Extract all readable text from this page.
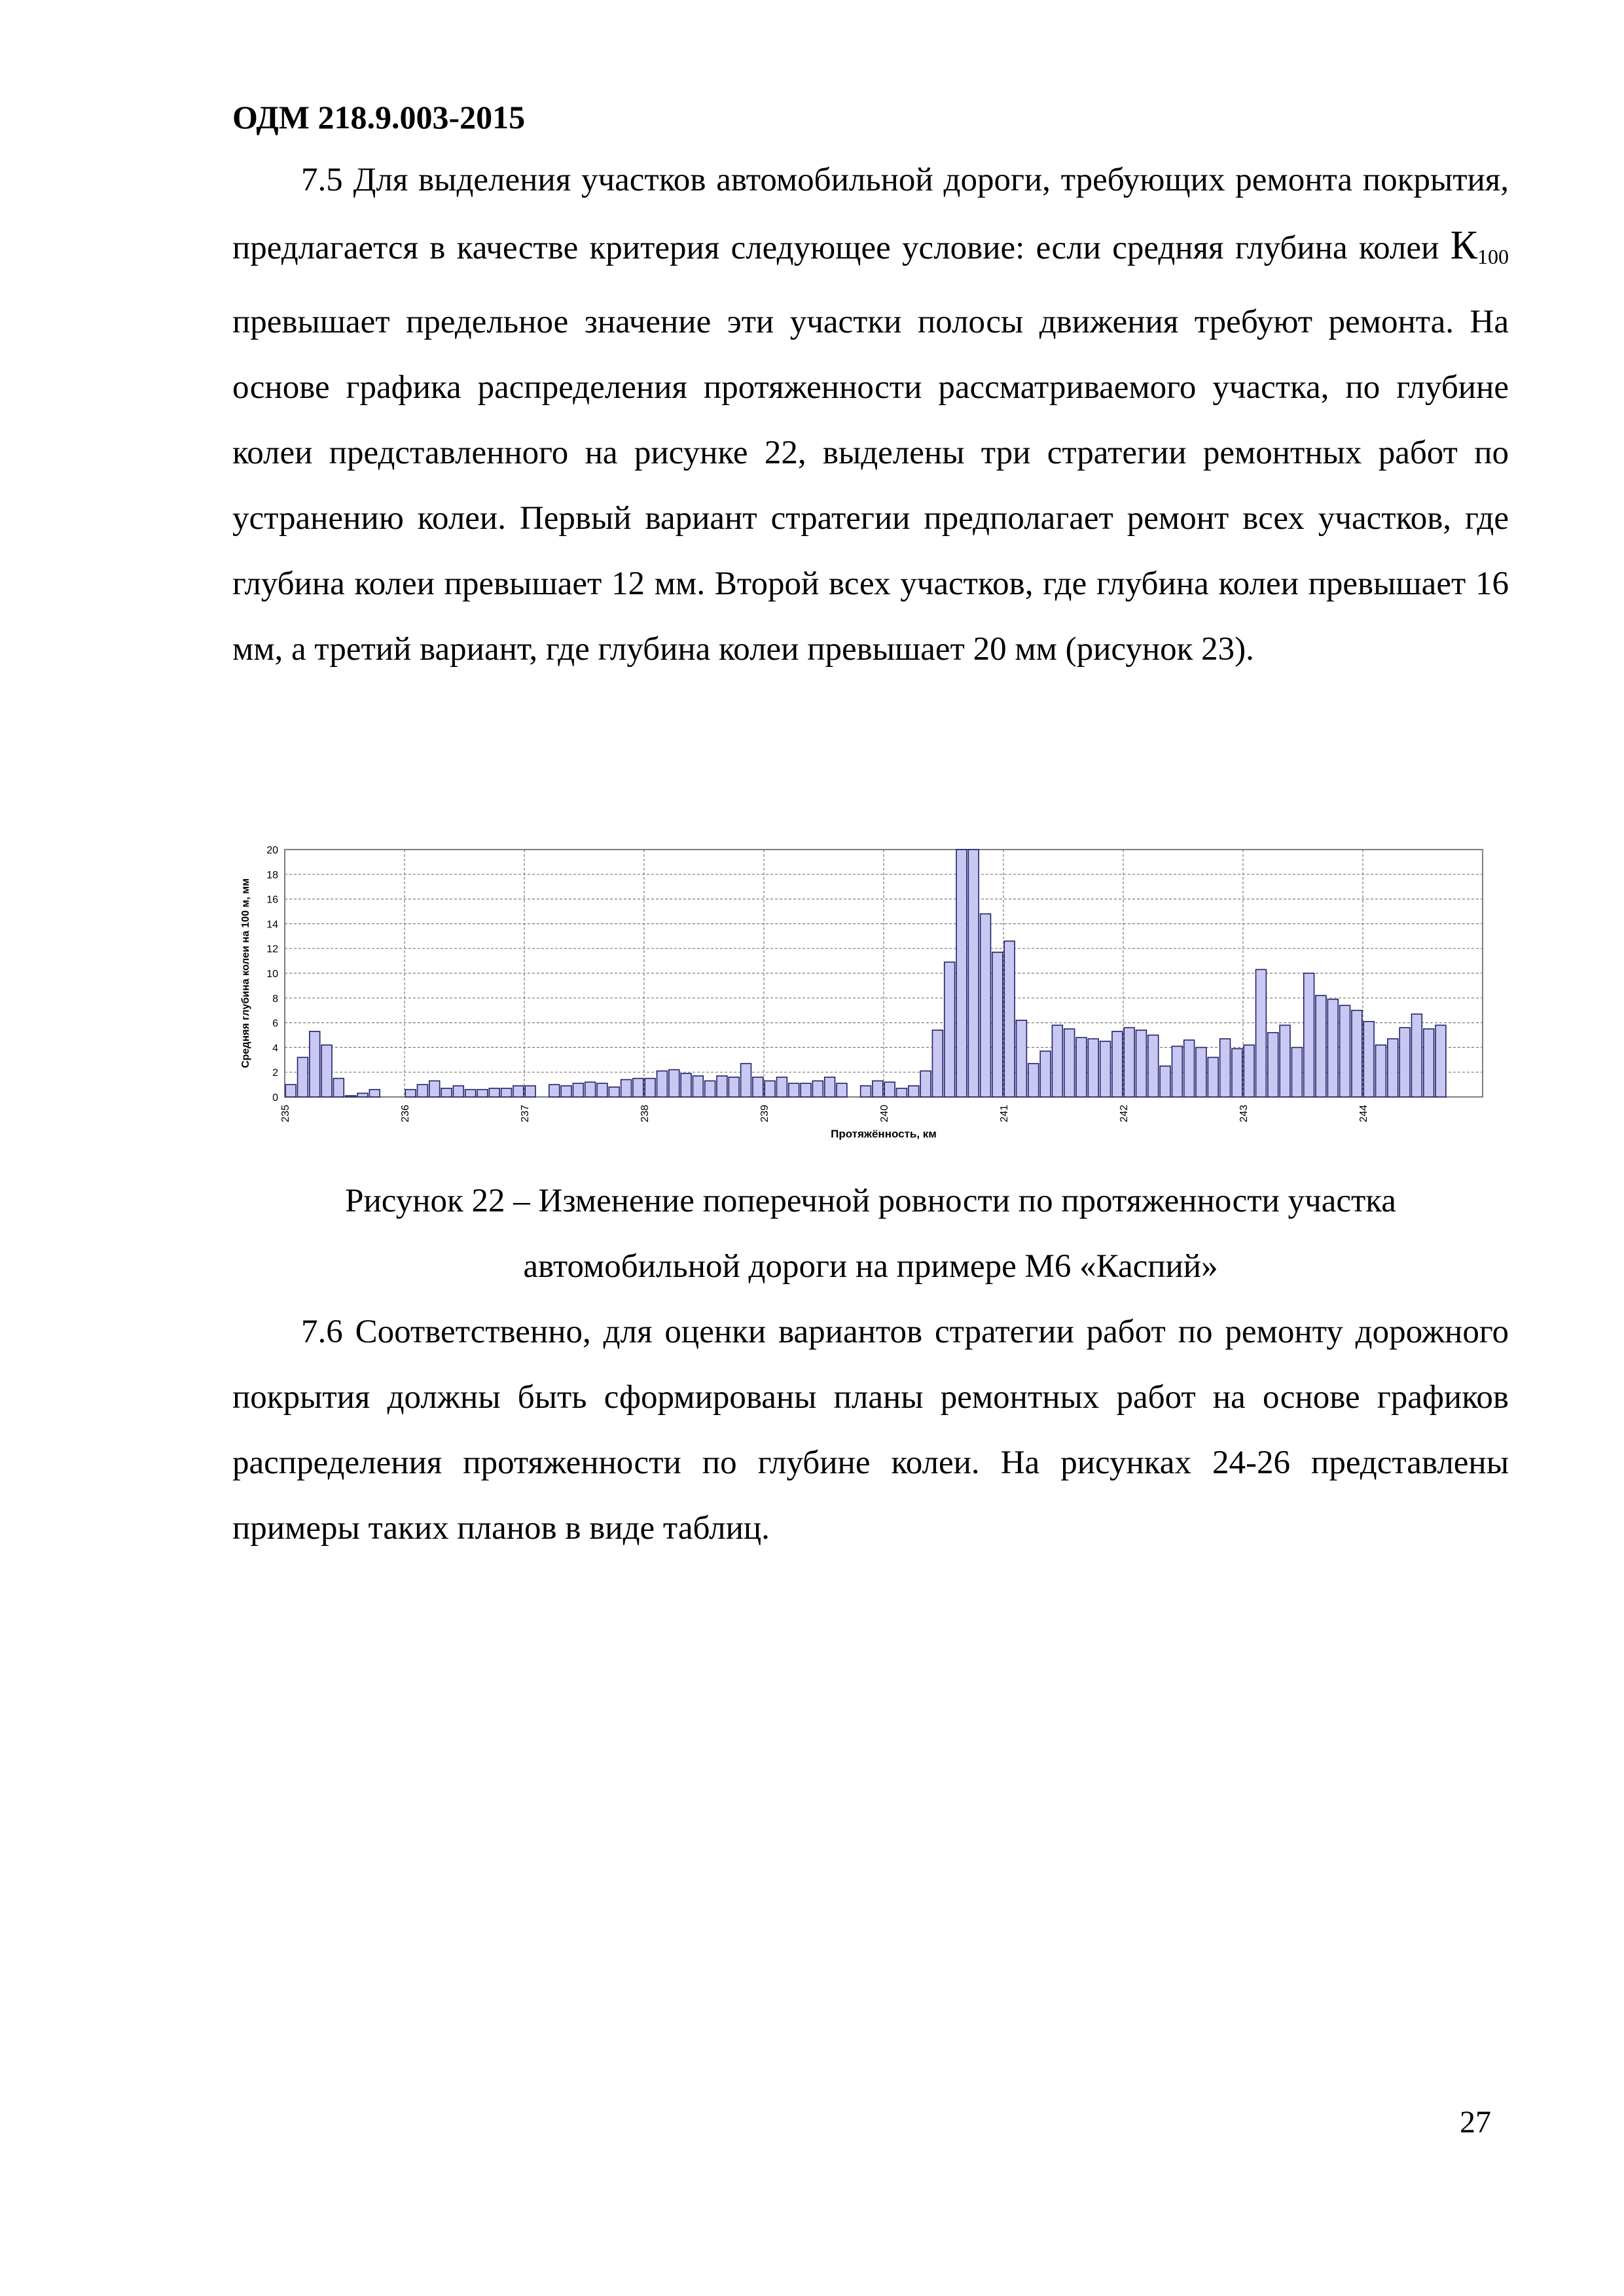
ОДМ 218.9.003-2015

7.5 Для выделения участков автомобильной дороги, требующих ремонта покрытия, предлагается в качестве критерия следующее условие: если средняя глубина колеи $К_{100}$ превышает предельное значение эти участки полосы движения требуют ремонта. На основе графика распределения протяженности рассматриваемого участка, по глубине колеи представленного на рисунке 22, выделены три стратегии ремонтных работ по устранению колеи. Первый вариант стратегии предполагает ремонт всех участков, где глубина колеи превышает 12 мм. Второй всех участков, где глубина колеи превышает 16 мм, а третий вариант, где глубина колеи превышает 20 мм (рисунок 23).

0
2
4
6
8
10
12
14
16
18
20
235	236	237	238	239	240	241	242	243	244
Средняя глубина колеи на 100 м, мм
Протяжённость, км

Рисунок 22 – Изменение поперечной ровности по протяженности участка
автомобильной дороги на примере М6 «Каспий»

7.6 Соответственно, для оценки вариантов стратегии работ по ремонту дорожного покрытия должны быть сформированы планы ремонтных работ на основе графиков распределения протяженности по глубине колеи. На рисунках 24-26 представлены примеры таких планов в виде таблиц.

27
